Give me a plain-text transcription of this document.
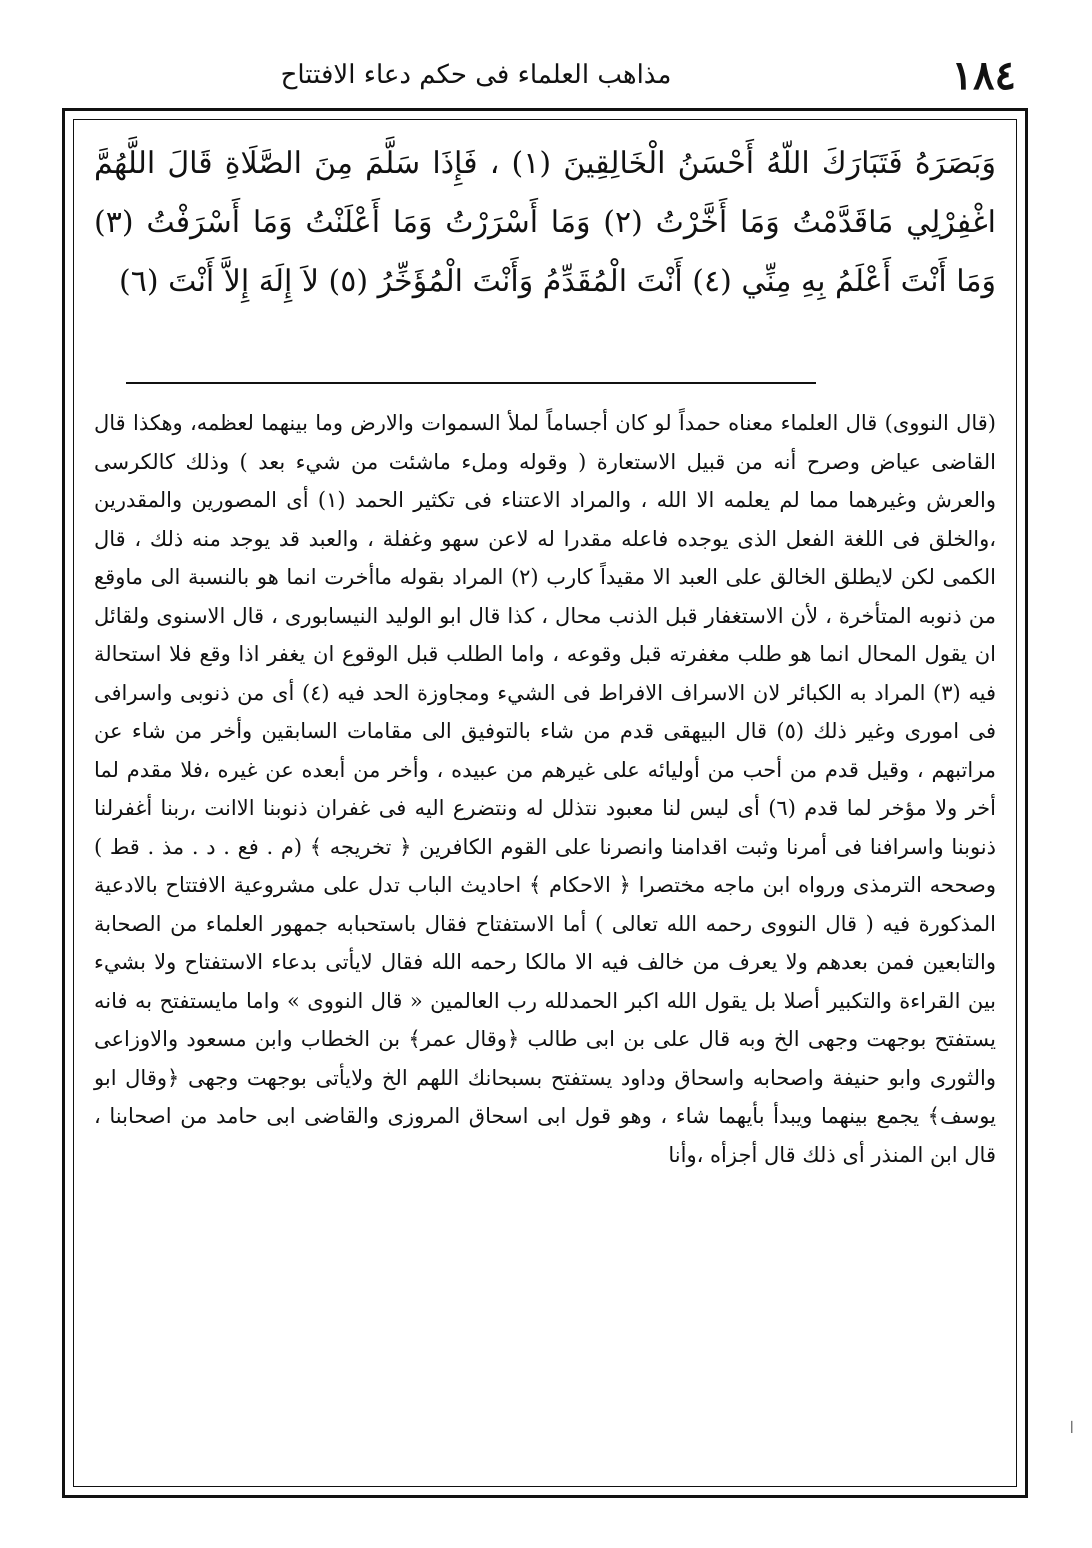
١٨٤
مذاهب العلماء فى حكم دعاء الافتتاح
وَبَصَرَهُ فَتَبَارَكَ اللّهُ أَحْسَنُ الْخَالِقِينَ (١) ، فَإِذَا سَلَّمَ مِنَ الصَّلَاةِ قَالَ اللَّهُمَّ اغْفِرْلِي مَاقَدَّمْتُ وَمَا أَخَّرْتُ (٢) وَمَا أَسْرَرْتُ وَمَا أَعْلَنْتُ وَمَا أَسْرَفْتُ (٣) وَمَا أَنْتَ أَعْلَمُ بِهِ مِنِّي (٤) أَنْتَ الْمُقَدِّمُ وَأَنْتَ الْمُؤَخِّرُ (٥) لاَ إِلَهَ إِلاَّ أَنْتَ (٦)

(قال النووى) قال العلماء معناه حمداً لو كان أجساماً لملأ السموات والارض وما بينهما لعظمه، وهكذا قال القاضى عياض وصرح أنه من قبيل الاستعارة ( وقوله وملء ماشئت من شيء بعد ) وذلك كالكرسى والعرش وغيرهما مما لم يعلمه الا الله ، والمراد الاعتناء فى تكثير الحمد (١) أى المصورين والمقدرين ،والخلق فى اللغة الفعل الذى يوجده فاعله مقدرا له لاعن سهو وغفلة ، والعبد قد يوجد منه ذلك ، قال الكمى لكن لايطلق الخالق على العبد الا مقيداً كارب (٢) المراد بقوله ماأخرت انما هو بالنسبة الى ماوقع من ذنوبه المتأخرة ، لأن الاستغفار قبل الذنب محال ، كذا قال ابو الوليد النيسابورى ، قال الاسنوى ولقائل ان يقول المحال انما هو طلب مغفرته قبل وقوعه ، واما الطلب قبل الوقوع ان يغفر اذا وقع فلا استحالة فيه (٣) المراد به الكبائر لان الاسراف الافراط فى الشيء ومجاوزة الحد فيه (٤) أى من ذنوبى واسرافى فى امورى وغير ذلك (٥) قال البيهقى قدم من شاء بالتوفيق الى مقامات السابقين وأخر من شاء عن مراتبهم ، وقيل قدم من أحب من أوليائه على غيرهم من عبيده ، وأخر من أبعده عن غيره ،فلا مقدم لما أخر ولا مؤخر لما قدم (٦) أى ليس لنا معبود نتذلل له ونتضرع اليه فى غفران ذنوبنا الاانت ،ربنا أغفرلنا ذنوبنا واسرافنا فى أمرنا وثبت اقدامنا وانصرنا على القوم الكافرين ﴿ تخريجه ﴾ (م . فع . د . مذ . قط ) وصححه الترمذى ورواه ابن ماجه مختصرا ﴿ الاحكام ﴾ احاديث الباب تدل على مشروعية الافتتاح بالادعية المذكورة فيه ( قال النووى رحمه الله تعالى ) أما الاستفتاح فقال باستحبابه جمهور العلماء من الصحابة والتابعين فمن بعدهم ولا يعرف من خالف فيه الا مالكا رحمه الله فقال لايأتى بدعاء الاستفتاح ولا بشيء بين القراءة والتكبير أصلا بل يقول الله اكبر الحمدلله رب العالمين « قال النووى » واما مايستفتح به فانه يستفتح بوجهت وجهى الخ وبه قال على بن ابى طالب ﴿وقال عمر﴾ بن الخطاب وابن مسعود والاوزاعى والثورى وابو حنيفة واصحابه واسحاق وداود يستفتح بسبحانك اللهم الخ ولايأتى بوجهت وجهى ﴿وقال ابو يوسف﴾ يجمع بينهما ويبدأ بأيهما شاء ، وهو قول ابى اسحاق المروزى والقاضى ابى حامد من اصحابنا ، قال ابن المنذر أى ذلك قال أجزأه ،وأنا

ا
